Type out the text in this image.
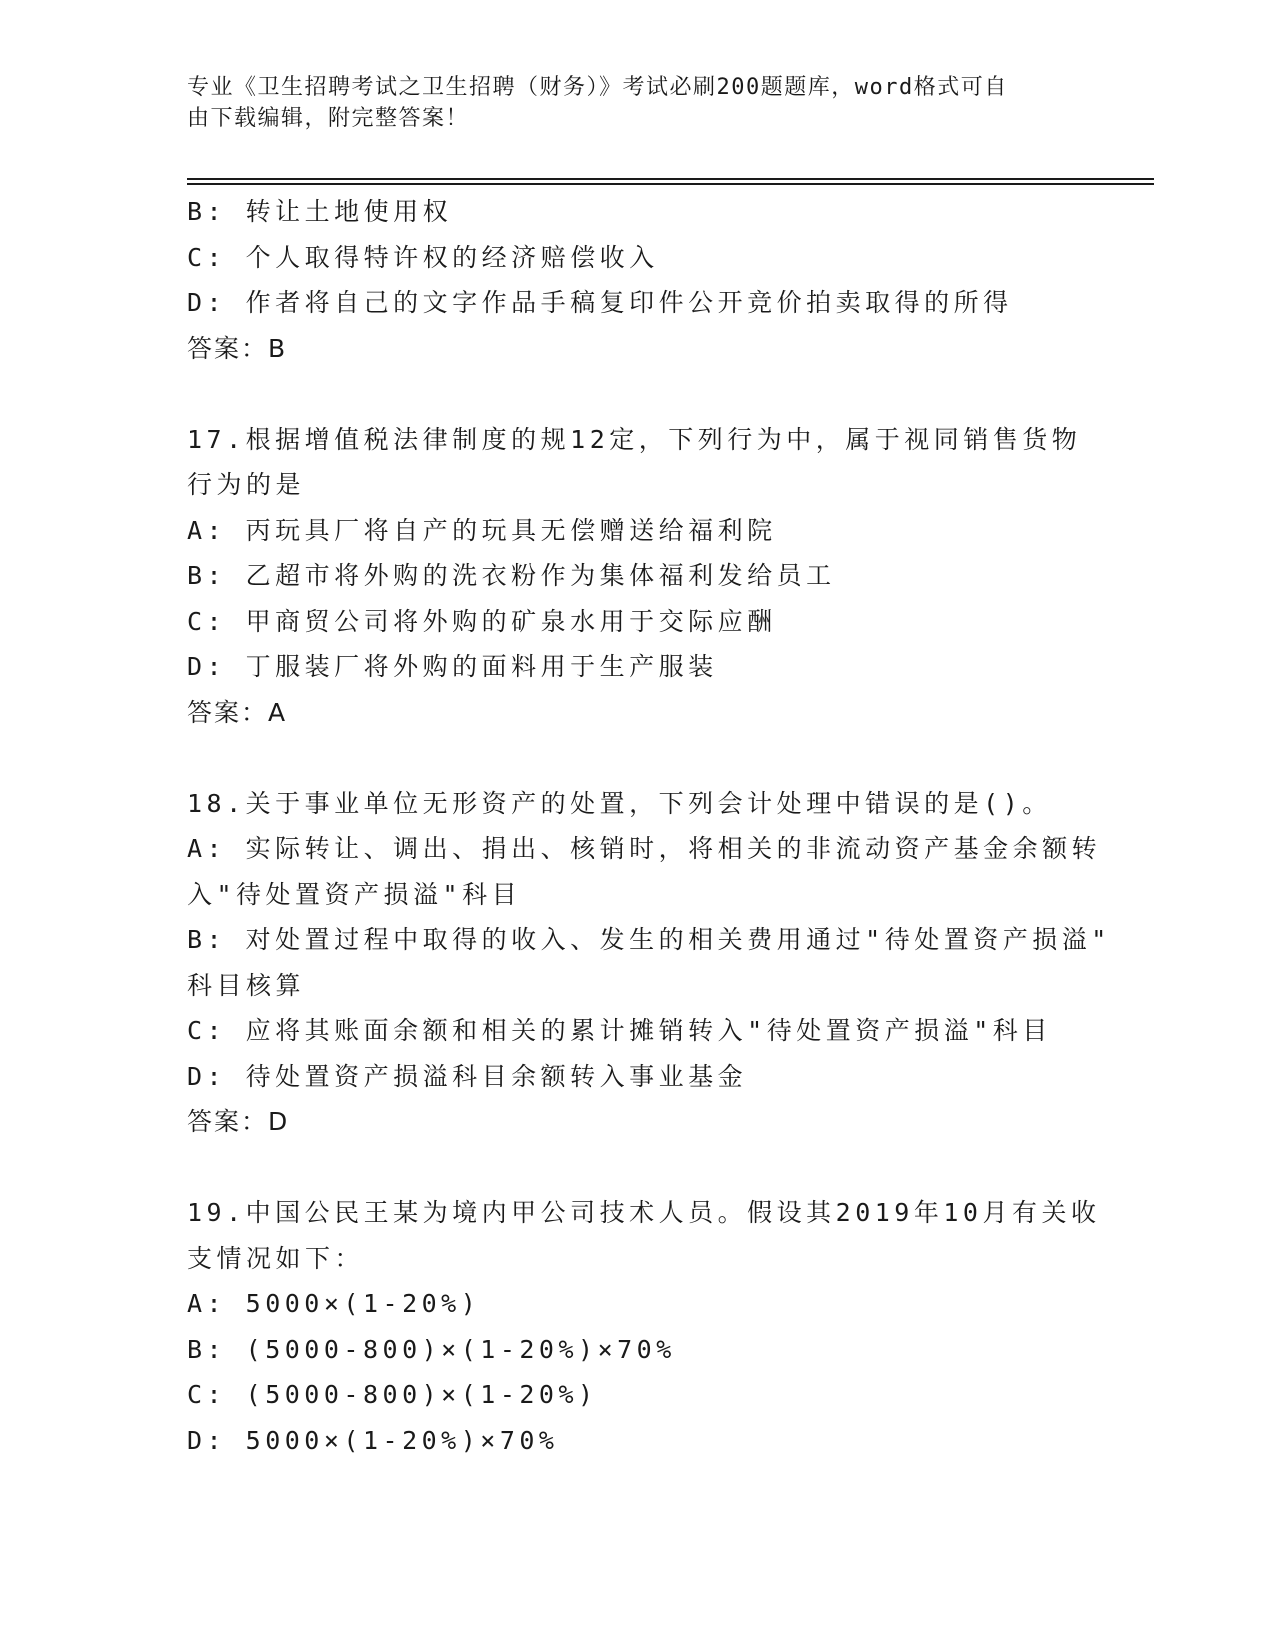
专业《卫生招聘考试之卫生招聘（财务）》考试必刷200题题库，word格式可自
由下载编辑，附完整答案！
B: 转让土地使用权
C: 个人取得特许权的经济赔偿收入
D: 作者将自己的文字作品手稿复印件公开竞价拍卖取得的所得
答案：B
17.根据增值税法律制度的规12定，下列行为中，属于视同销售货物
行为的是
A: 丙玩具厂将自产的玩具无偿赠送给福利院
B: 乙超市将外购的洗衣粉作为集体福利发给员工
C: 甲商贸公司将外购的矿泉水用于交际应酬
D: 丁服装厂将外购的面料用于生产服装
答案：A
18.关于事业单位无形资产的处置，下列会计处理中错误的是()。
A: 实际转让、调出、捐出、核销时，将相关的非流动资产基金余额转
入"待处置资产损溢"科目
B: 对处置过程中取得的收入、发生的相关费用通过"待处置资产损溢"
科目核算
C: 应将其账面余额和相关的累计摊销转入"待处置资产损溢"科目
D: 待处置资产损溢科目余额转入事业基金
答案：D
19.中国公民王某为境内甲公司技术人员。假设其2019年10月有关收
支情况如下：
A: 5000×(1-20%)
B: (5000-800)×(1-20%)×70%
C: (5000-800)×(1-20%)
D: 5000×(1-20%)×70%
